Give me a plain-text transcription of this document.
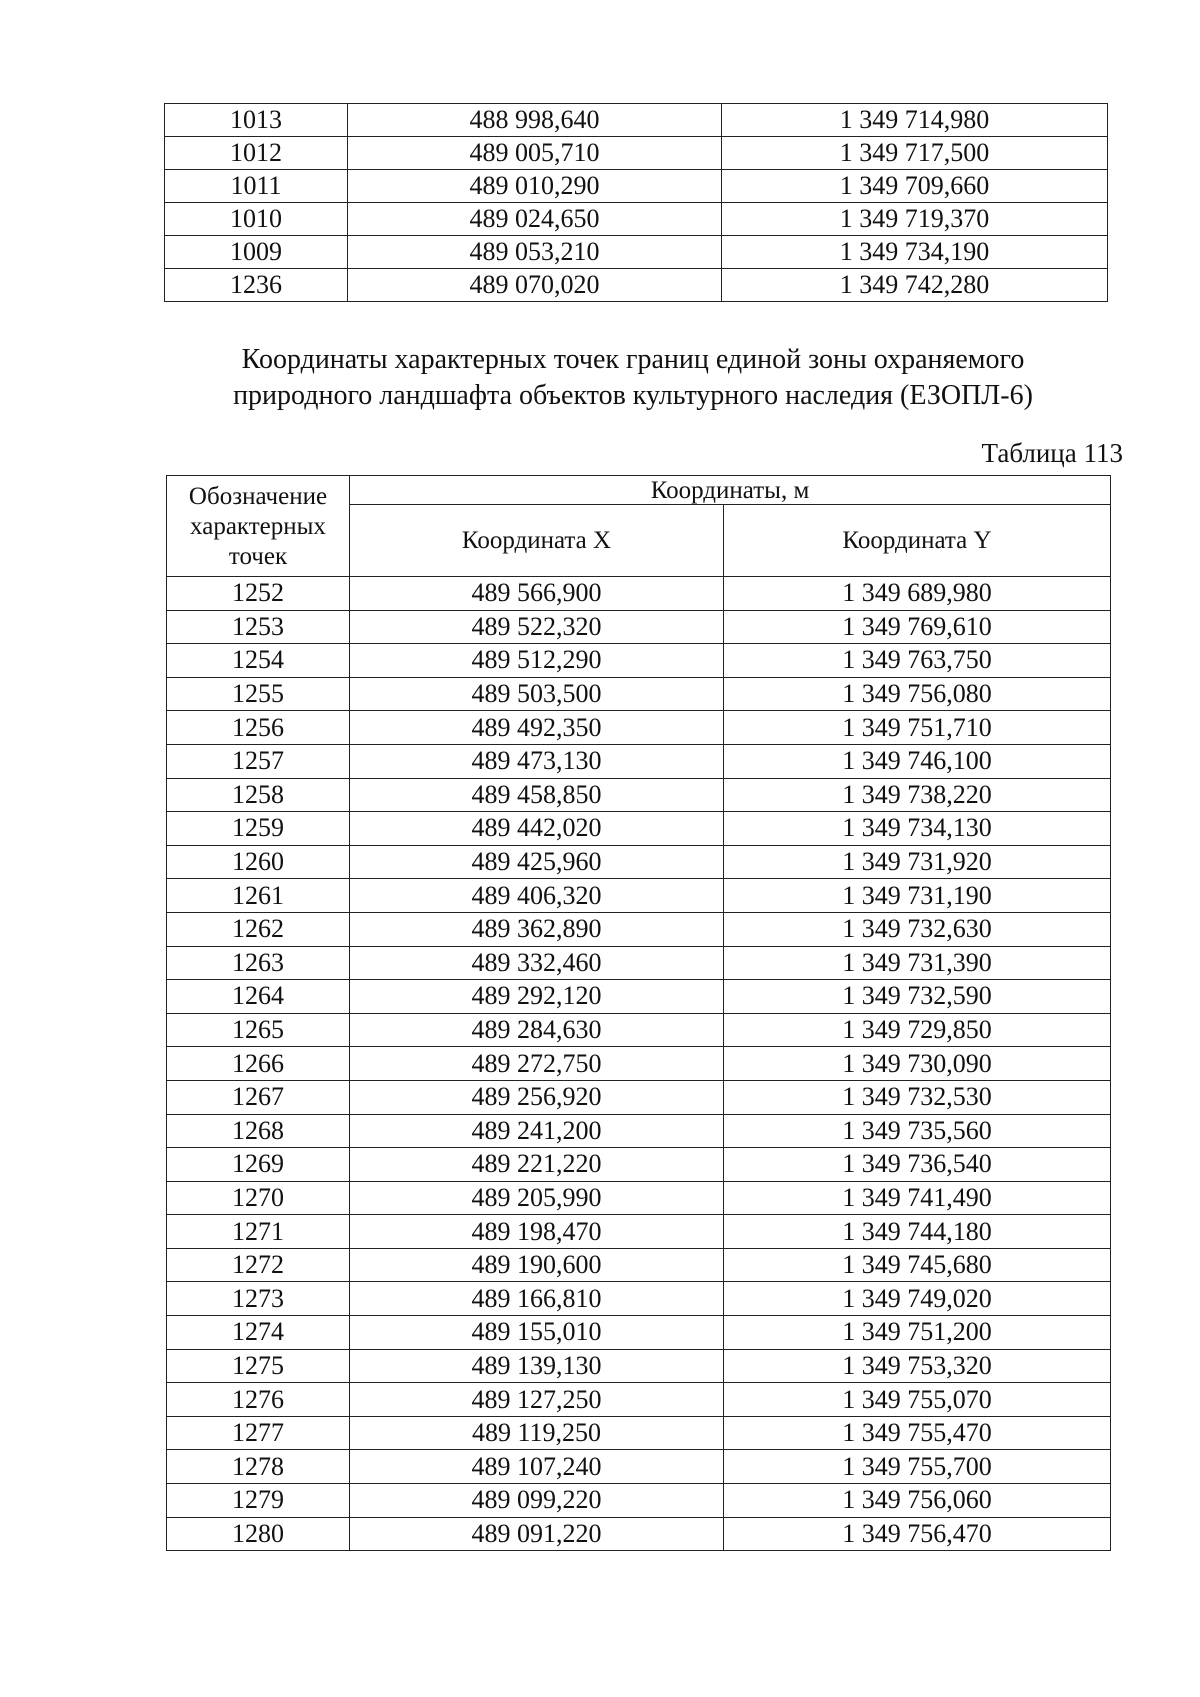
1013	488 998,640	1 349 714,980
1012	489 005,710	1 349 717,500
1011	489 010,290	1 349 709,660
1010	489 024,650	1 349 719,370
1009	489 053,210	1 349 734,190
1236	489 070,020	1 349 742,280
Координаты характерных точек границ единой зоны охраняемого
природного ландшафта объектов культурного наследия (ЕЗОПЛ-6)
Таблица 113
Обозначение
характерных
точек	Координаты, м	
	Координата X	Координата Y
1252	489 566,900	1 349 689,980
1253	489 522,320	1 349 769,610
1254	489 512,290	1 349 763,750
1255	489 503,500	1 349 756,080
1256	489 492,350	1 349 751,710
1257	489 473,130	1 349 746,100
1258	489 458,850	1 349 738,220
1259	489 442,020	1 349 734,130
1260	489 425,960	1 349 731,920
1261	489 406,320	1 349 731,190
1262	489 362,890	1 349 732,630
1263	489 332,460	1 349 731,390
1264	489 292,120	1 349 732,590
1265	489 284,630	1 349 729,850
1266	489 272,750	1 349 730,090
1267	489 256,920	1 349 732,530
1268	489 241,200	1 349 735,560
1269	489 221,220	1 349 736,540
1270	489 205,990	1 349 741,490
1271	489 198,470	1 349 744,180
1272	489 190,600	1 349 745,680
1273	489 166,810	1 349 749,020
1274	489 155,010	1 349 751,200
1275	489 139,130	1 349 753,320
1276	489 127,250	1 349 755,070
1277	489 119,250	1 349 755,470
1278	489 107,240	1 349 755,700
1279	489 099,220	1 349 756,060
1280	489 091,220	1 349 756,470
